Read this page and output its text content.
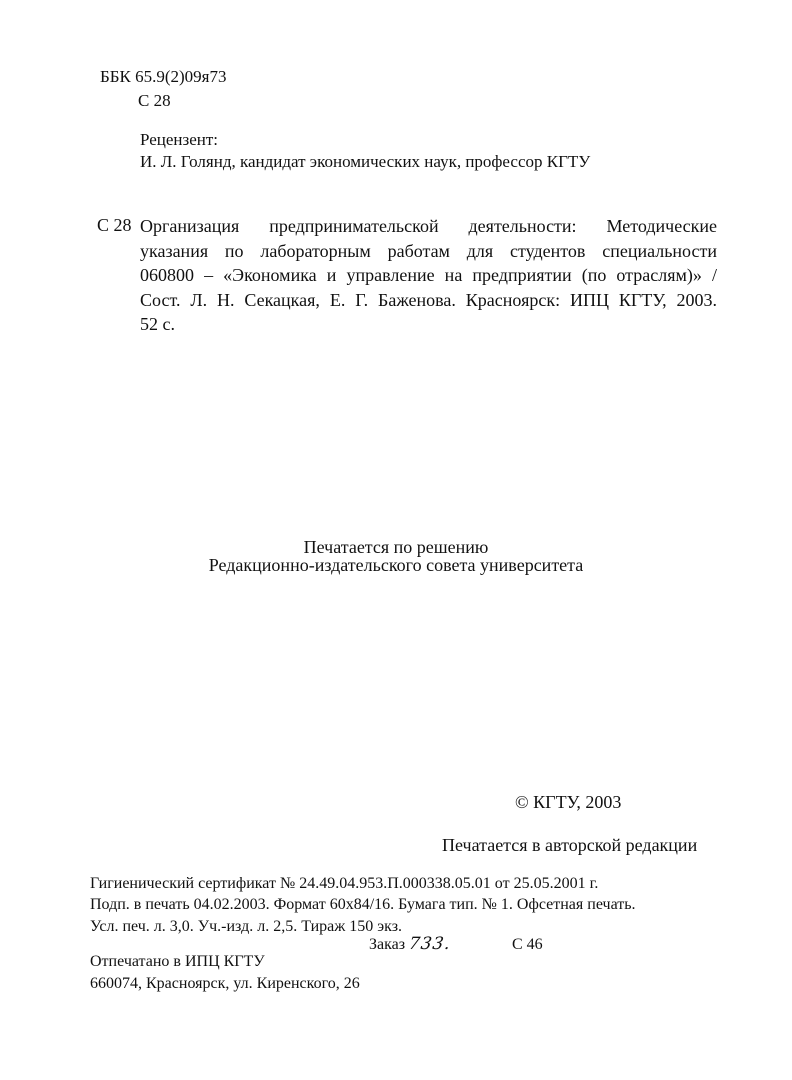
ББК 65.9(2)09я73
С 28
Рецензент:
И. Л. Голянд, кандидат экономических наук, профессор КГТУ
С 28 Организация предпринимательской деятельности: Методические
указания по лабораторным работам для студентов специальности
060800 – «Экономика и управление на предприятии (по отраслям)» /
Сост. Л. Н. Секацкая, Е. Г. Баженова. Красноярск: ИПЦ КГТУ, 2003.
52 с.
Печатается по решению
Редакционно-издательского совета университета
© КГТУ, 2003
Печатается в авторской редакции
Гигиенический сертификат № 24.49.04.953.П.000338.05.01 от 25.05.2001 г.
Подп. в печать 04.02.2003. Формат 60х84/16. Бумага тип. № 1. Офсетная печать.
Усл. печ. л. 3,0. Уч.-изд. л. 2,5. Тираж 150 экз.
Заказ 733.	С 46
Отпечатано в ИПЦ КГТУ
660074, Красноярск, ул. Киренского, 26
